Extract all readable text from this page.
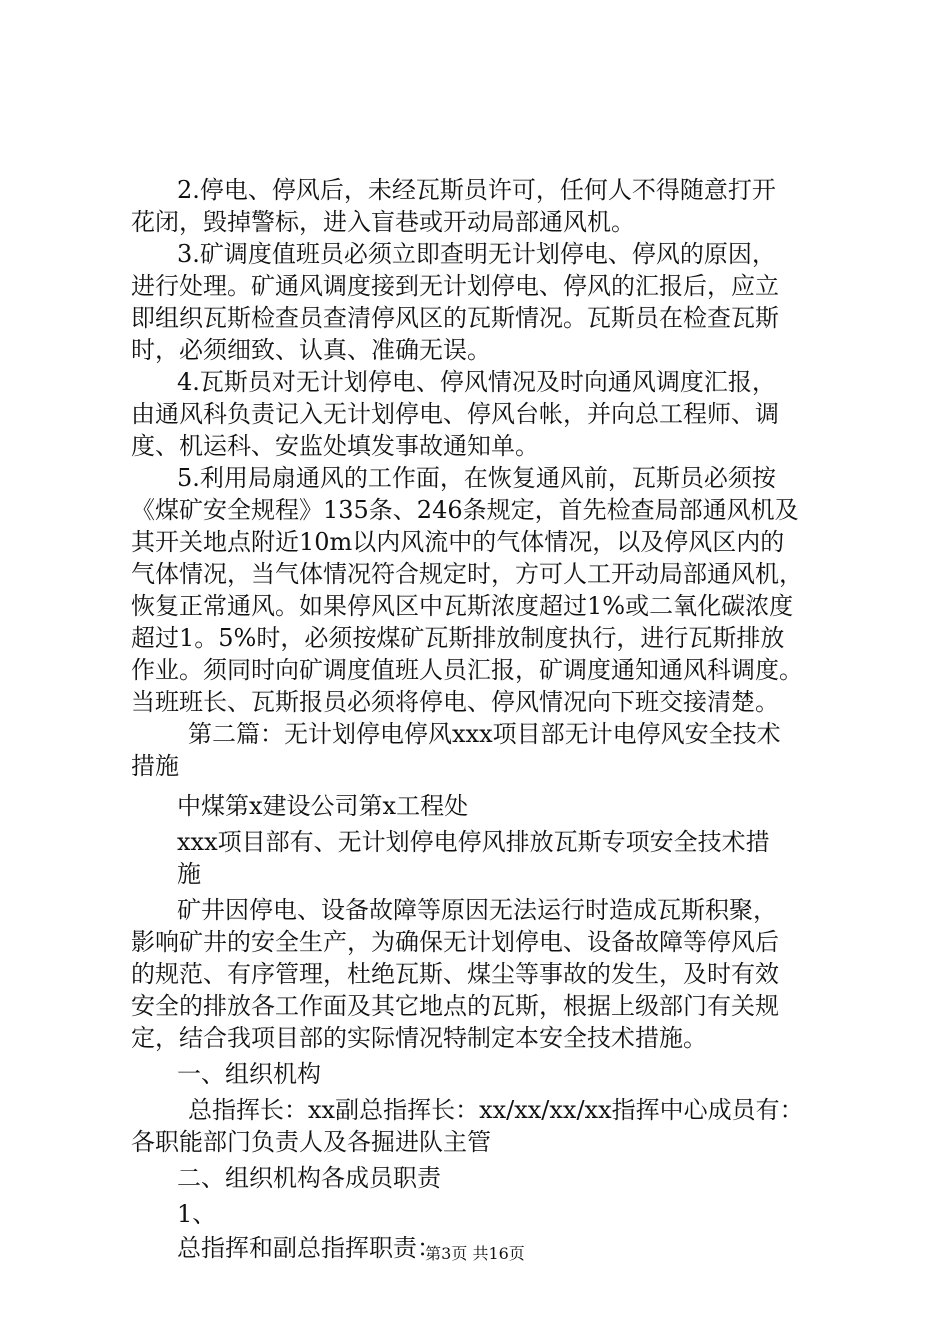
2.停电、停风后，未经瓦斯员许可，任何人不得随意打开
花闭，毁掉警标，进入盲巷或开动局部通风机。
3.矿调度值班员必须立即查明无计划停电、停风的原因，
进行处理。矿通风调度接到无计划停电、停风的汇报后，应立
即组织瓦斯检查员查清停风区的瓦斯情况。瓦斯员在检查瓦斯
时，必须细致、认真、准确无误。
4.瓦斯员对无计划停电、停风情况及时向通风调度汇报，
由通风科负责记入无计划停电、停风台帐，并向总工程师、调
度、机运科、安监处填发事故通知单。
5.利用局扇通风的工作面，在恢复通风前，瓦斯员必须按
《煤矿安全规程》135条、246条规定，首先检查局部通风机及
其开关地点附近10m以内风流中的气体情况，以及停风区内的
气体情况，当气体情况符合规定时，方可人工开动局部通风机，
恢复正常通风。如果停风区中瓦斯浓度超过1%或二氧化碳浓度
超过1。5%时，必须按煤矿瓦斯排放制度执行，进行瓦斯排放
作业。须同时向矿调度值班人员汇报，矿调度通知通风科调度。
当班班长、瓦斯报员必须将停电、停风情况向下班交接清楚。
第二篇：无计划停电停风xxx项目部无计电停风安全技术
措施
中煤第x建设公司第x工程处
xxx项目部有、无计划停电停风排放瓦斯专项安全技术措
施
矿井因停电、设备故障等原因无法运行时造成瓦斯积聚，
影响矿井的安全生产，为确保无计划停电、设备故障等停风后
的规范、有序管理，杜绝瓦斯、煤尘等事故的发生，及时有效
安全的排放各工作面及其它地点的瓦斯，根据上级部门有关规
定，结合我项目部的实际情况特制定本安全技术措施。
一、组织机构
总指挥长：xx副总指挥长：xx/xx/xx/xx指挥中心成员有：
各职能部门负责人及各掘进队主管
二、组织机构各成员职责
1、
总指挥和副总指挥职责：
第3页 共16页
